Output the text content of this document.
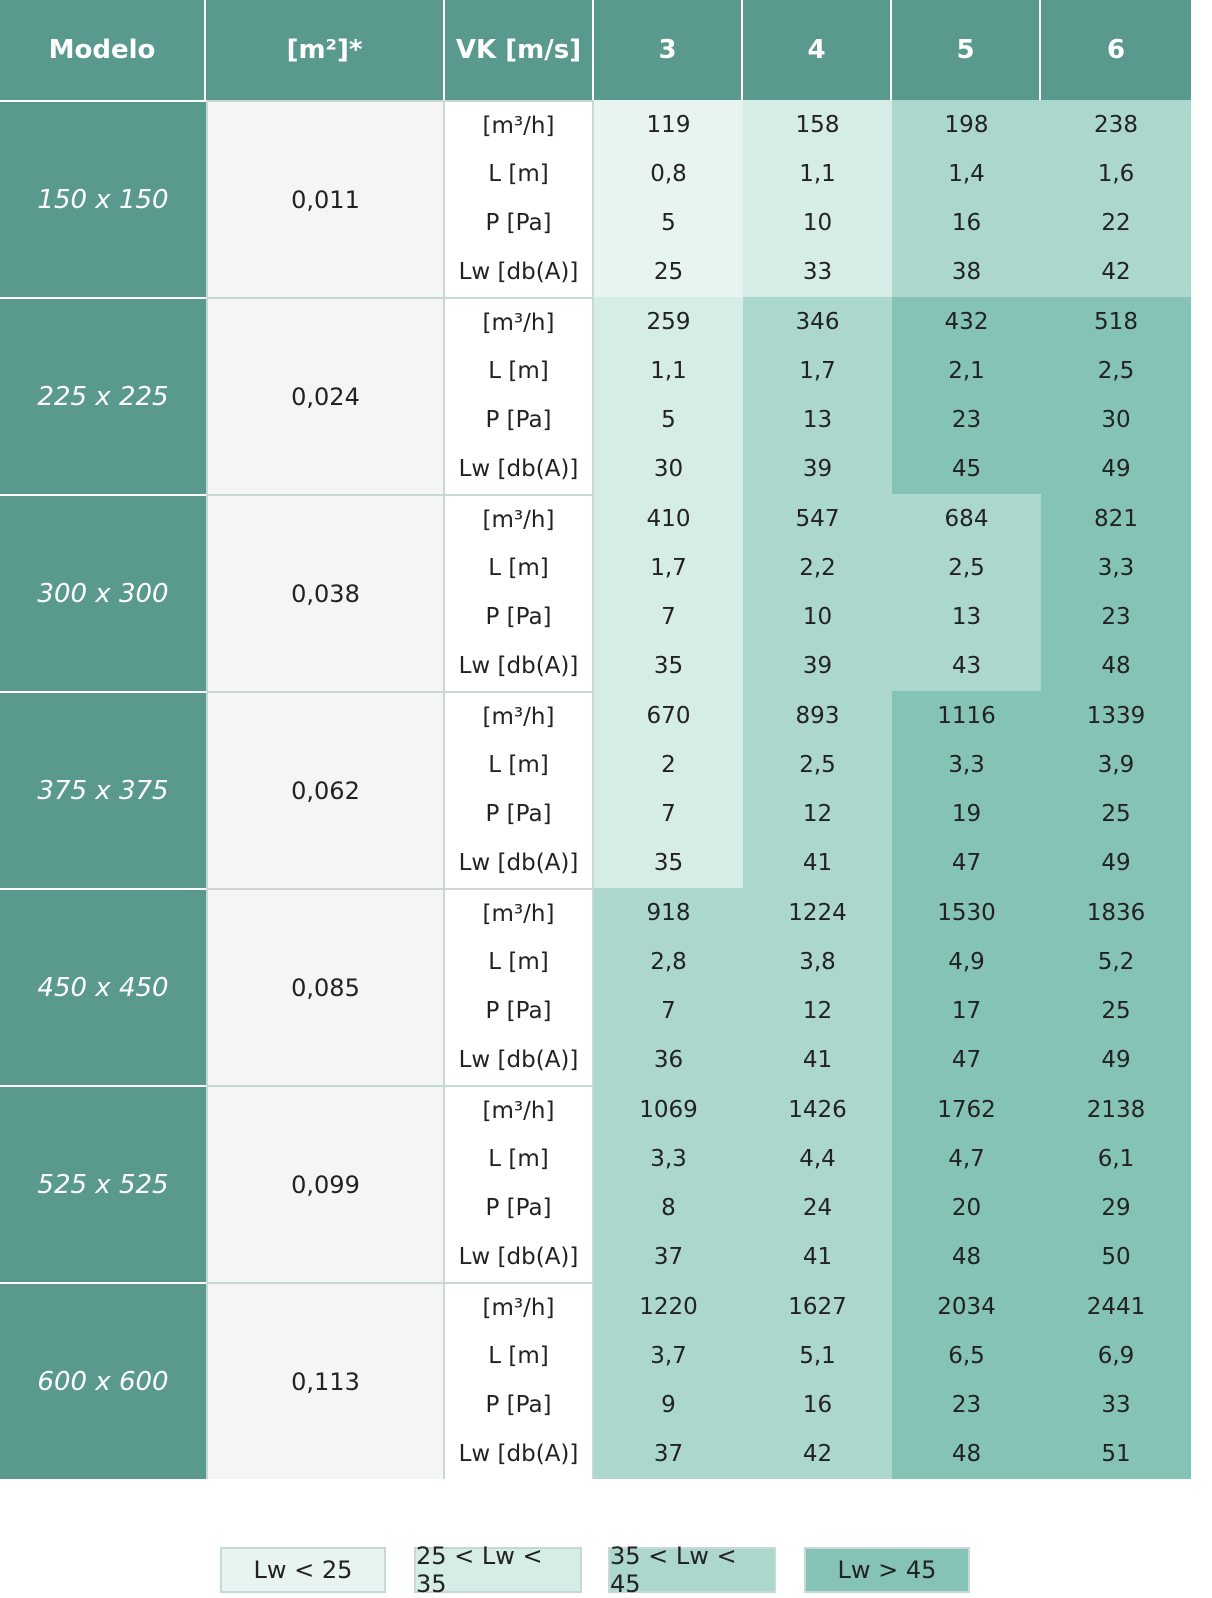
Modelo	[m²]*	VK [m/s]	3	4	5	6
150 x 150	0,011
[m³/h]	119	158	198	238
L [m]	0,8	1,1	1,4	1,6
P [Pa]	5	10	16	22
Lw [db(A)]	25	33	38	42
225 x 225	0,024
[m³/h]	259	346	432	518
L [m]	1,1	1,7	2,1	2,5
P [Pa]	5	13	23	30
Lw [db(A)]	30	39	45	49
300 x 300	0,038
[m³/h]	410	547	684	821
L [m]	1,7	2,2	2,5	3,3
P [Pa]	7	10	13	23
Lw [db(A)]	35	39	43	48
375 x 375	0,062
[m³/h]	670	893	1116	1339
L [m]	2	2,5	3,3	3,9
P [Pa]	7	12	19	25
Lw [db(A)]	35	41	47	49
450 x 450	0,085
[m³/h]	918	1224	1530	1836
L [m]	2,8	3,8	4,9	5,2
P [Pa]	7	12	17	25
Lw [db(A)]	36	41	47	49
525 x 525	0,099
[m³/h]	1069	1426	1762	2138
L [m]	3,3	4,4	4,7	6,1
P [Pa]	8	24	20	29
Lw [db(A)]	37	41	48	50
600 x 600	0,113
[m³/h]	1220	1627	2034	2441
L [m]	3,7	5,1	6,5	6,9
P [Pa]	9	16	23	33
Lw [db(A)]	37	42	48	51
Lw < 25	25 < Lw < 35
35 < Lw < 45	Lw > 45
